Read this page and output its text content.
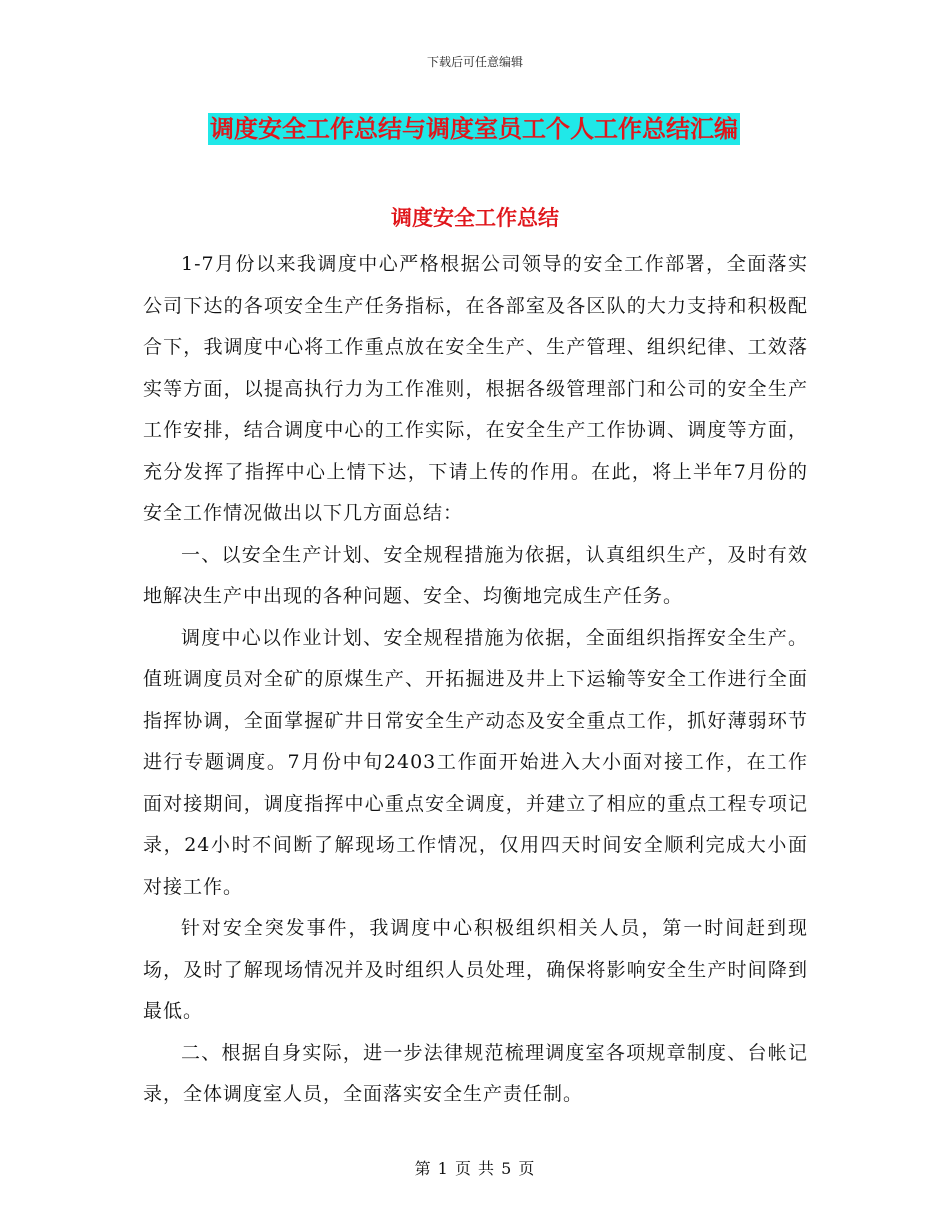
下载后可任意编辑
调度安全工作总结与调度室员工个人工作总结汇编
调度安全工作总结

1-7月份以来我调度中心严格根据公司领导的安全工作部署，全面落实公司下达的各项安全生产任务指标，在各部室及各区队的大力支持和积极配合下，我调度中心将工作重点放在安全生产、生产管理、组织纪律、工效落实等方面，以提高执行力为工作准则，根据各级管理部门和公司的安全生产工作安排，结合调度中心的工作实际，在安全生产工作协调、调度等方面，充分发挥了指挥中心上情下达，下请上传的作用。在此，将上半年7月份的安全工作情况做出以下几方面总结：

一、以安全生产计划、安全规程措施为依据，认真组织生产，及时有效地解决生产中出现的各种问题、安全、均衡地完成生产任务。

调度中心以作业计划、安全规程措施为依据，全面组织指挥安全生产。值班调度员对全矿的原煤生产、开拓掘进及井上下运输等安全工作进行全面指挥协调，全面掌握矿井日常安全生产动态及安全重点工作，抓好薄弱环节进行专题调度。7月份中旬2403工作面开始进入大小面对接工作，在工作面对接期间，调度指挥中心重点安全调度，并建立了相应的重点工程专项记录，24小时不间断了解现场工作情况，仅用四天时间安全顺利完成大小面对接工作。

针对安全突发事件，我调度中心积极组织相关人员，第一时间赶到现场，及时了解现场情况并及时组织人员处理，确保将影响安全生产时间降到最低。

二、根据自身实际，进一步法律规范梳理调度室各项规章制度、台帐记录，全体调度室人员，全面落实安全生产责任制。

第 1 页 共 5 页
